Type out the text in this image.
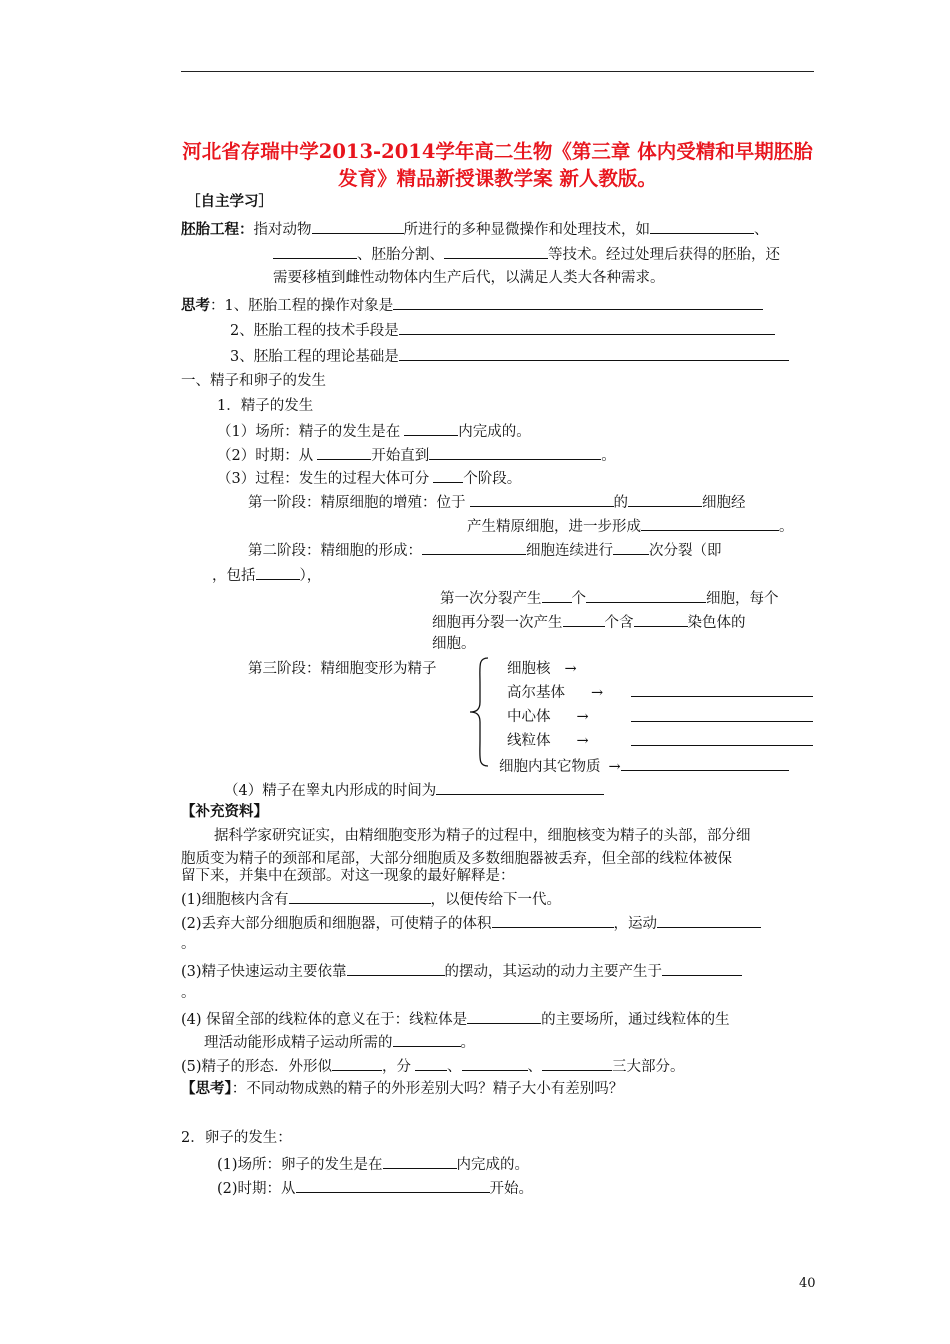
河北省存瑞中学2013-2014学年高二生物《第三章 体内受精和早期胚胎发育》精品新授课教学案 新人教版。
［自主学习］
胚胎工程：指对动物	所进行的多种显微操作和处理技术，如	、
、胚胎分割、	等技术。经过处理后获得的胚胎，还
需要移植到雌性动物体内生产后代，以满足人类大各种需求。
思考：1、胚胎工程的操作对象是
2、胚胎工程的技术手段是
3、胚胎工程的理论基础是
一、精子和卵子的发生
1．精子的发生
（1）场所：精子的发生是在	内完成的。
（2）时期：从	开始直到	。
（3）过程：发生的过程大体可分 个阶段。
第一阶段：精原细胞的增殖：位于	的	细胞经
产生精原细胞，进一步形成	。
第二阶段：精细胞的形成：	细胞连续进行 次分裂（即
，包括	），
第一次分裂产生 个	细胞，每个
细胞再分裂一次产生	个含	染色体的
细胞。
第三阶段：精细胞变形为精子	细胞核 →
高尔基体 →
中心体 →
线粒体 →
细胞内其它物质 →
（4）精子在睾丸内形成的时间为
【补充资料】
据科学家研究证实，由精细胞变形为精子的过程中，细胞核变为精子的头部，部分细
胞质变为精子的颈部和尾部，大部分细胞质及多数细胞器被丢弃，但全部的线粒体被保
留下来，并集中在颈部。对这一现象的最好解释是：
(1)细胞核内含有	，以便传给下一代。
(2)丢弃大部分细胞质和细胞器，可使精子的体积	，运动
。
(3)精子快速运动主要依靠	的摆动，其运动的动力主要产生于
。
(4) 保留全部的线粒体的意义在于：线粒体是	的主要场所，通过线粒体的生
理活动能形成精子运动所需的	。
(5)精子的形态．外形似	，分 、	、	三大部分。
【思考】：不同动物成熟的精子的外形差别大吗？精子大小有差别吗？
2．卵子的发生：
(1)场所：卵子的发生是在	内完成的。
(2)时期：从	开始。
40
